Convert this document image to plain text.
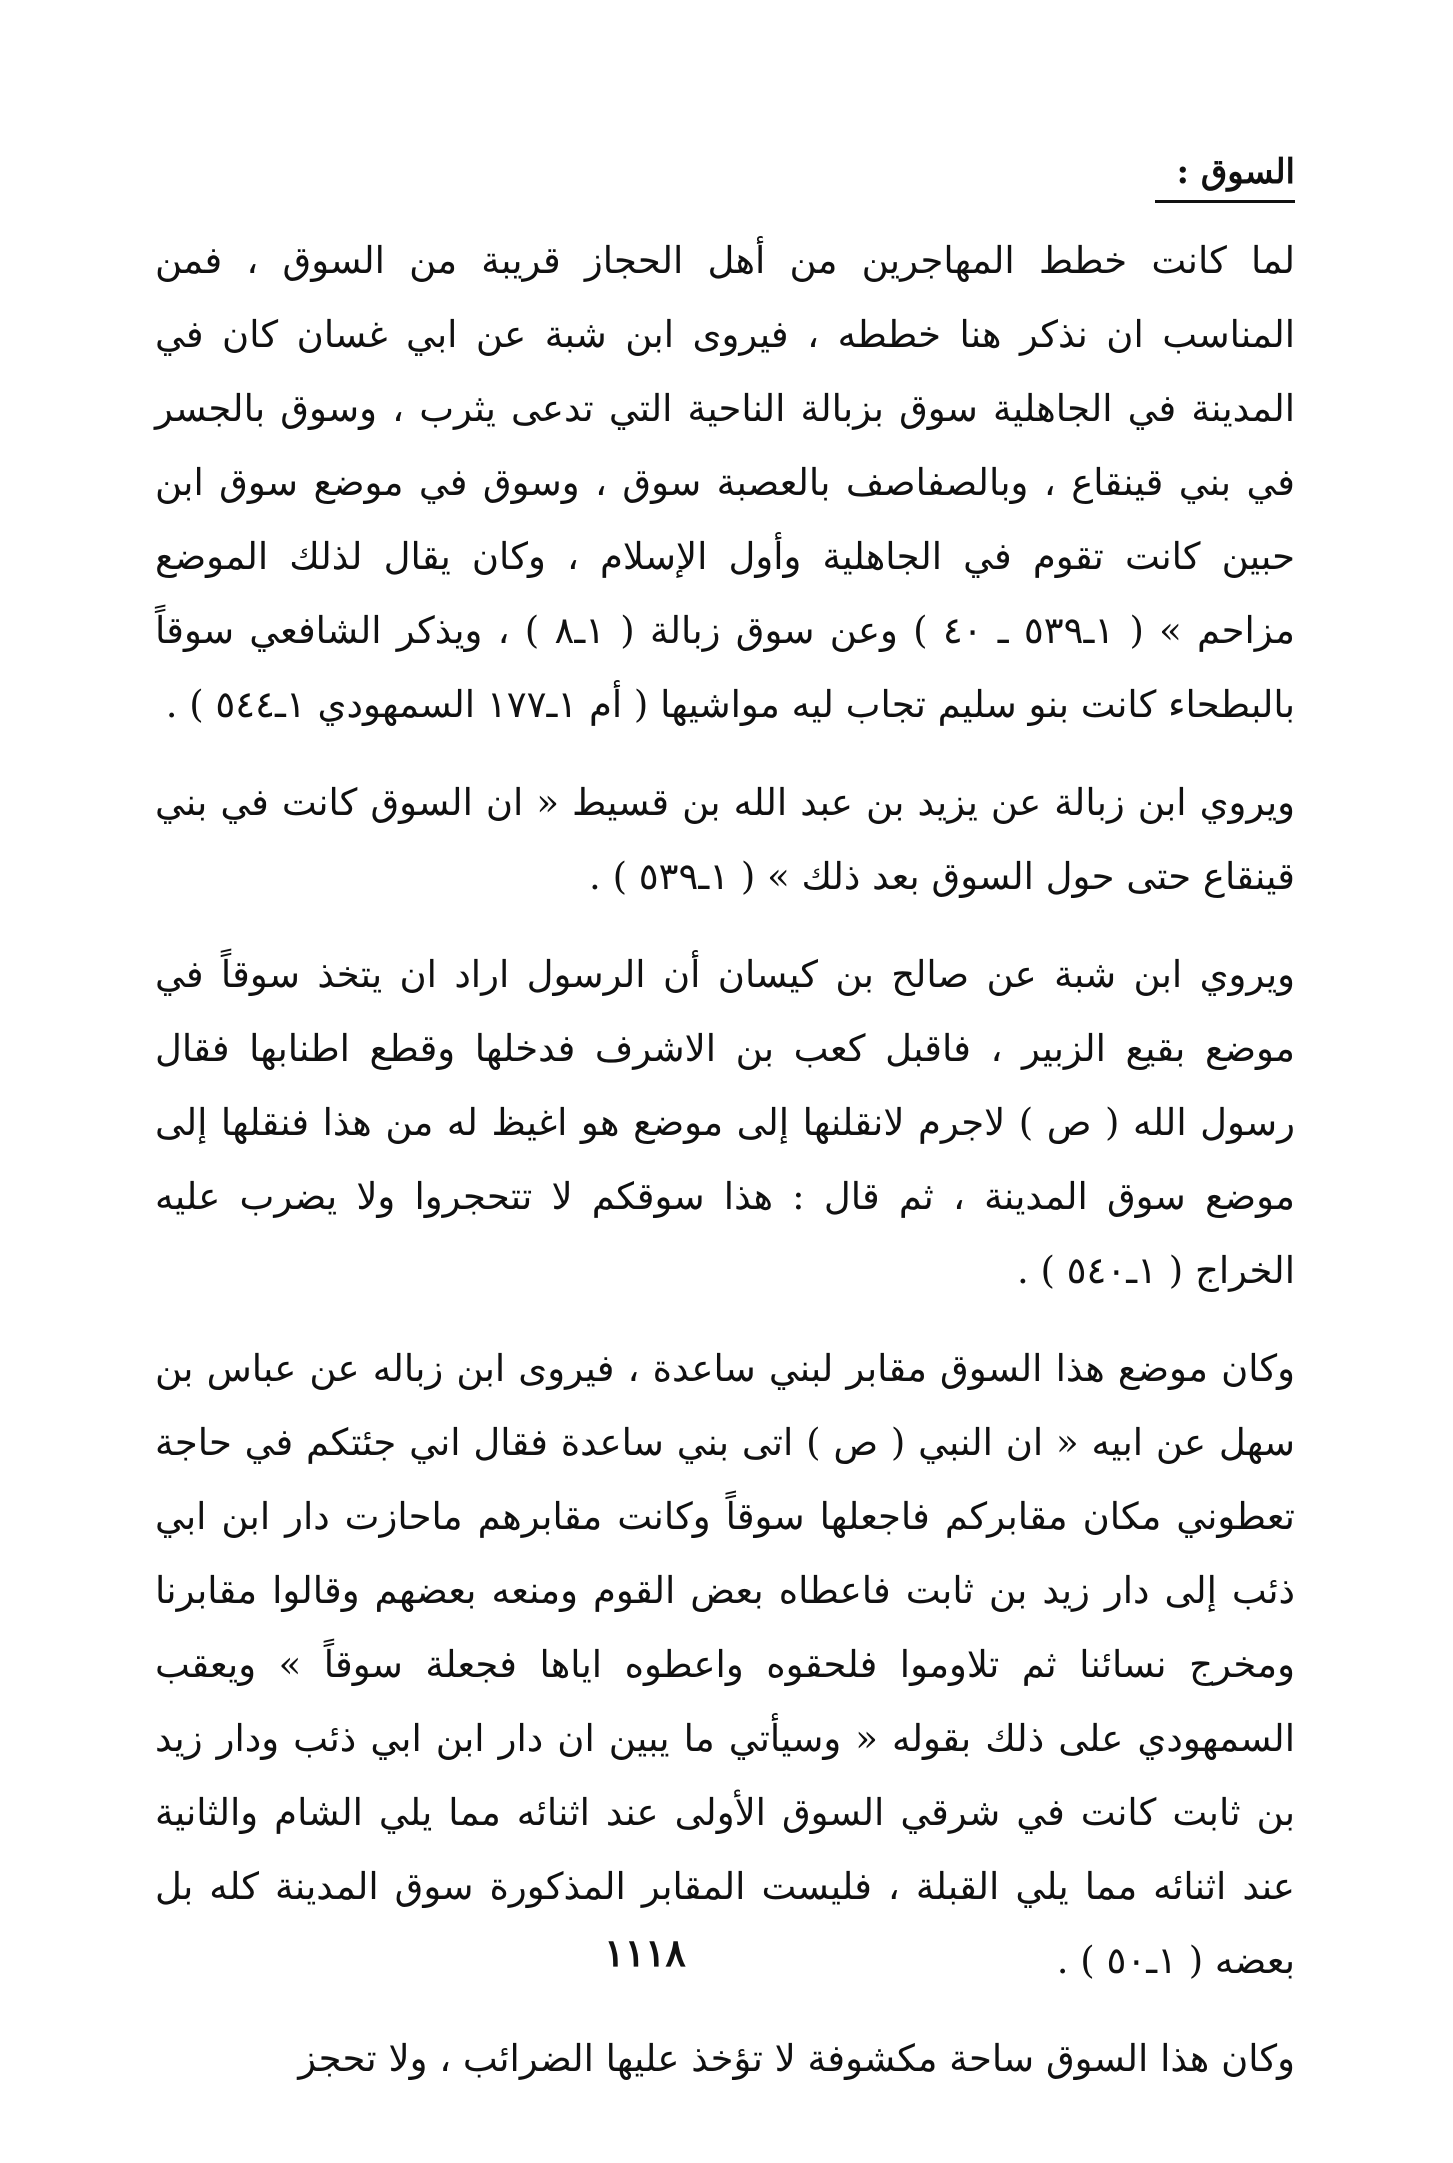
السوق :

لما كانت خطط المهاجرين من أهل الحجاز قريبة من السوق ، فمن المناسب ان نذكر هنا خططه ، فيروى ابن شبة عن ابي غسان كان في المدينة في الجاهلية سوق بزبالة الناحية التي تدعى يثرب ، وسوق بالجسر في بني قينقاع ، وبالصفاصف بالعصبة سوق ، وسوق في موضع سوق ابن حبين كانت تقوم في الجاهلية وأول الإسلام ، وكان يقال لذلك الموضع مزاحم » ( ١ـ٥٣٩ ـ ٤٠ ) وعن سوق زبالة ( ١ـ٨ ) ، ويذكر الشافعي سوقاً بالبطحاء كانت بنو سليم تجاب ليه مواشيها ( أم ١ـ١٧٧ السمهودي ١ـ٥٤٤ ) .

ويروي ابن زبالة عن يزيد بن عبد الله بن قسيط « ان السوق كانت في بني قينقاع حتى حول السوق بعد ذلك » ( ١ـ٥٣٩ ) .

ويروي ابن شبة عن صالح بن كيسان أن الرسول اراد ان يتخذ سوقاً في موضع بقيع الزبير ، فاقبل كعب بن الاشرف فدخلها وقطع اطنابها فقال رسول الله ( ص ) لاجرم لانقلنها إلى موضع هو اغيظ له من هذا فنقلها إلى موضع سوق المدينة ، ثم قال : هذا سوقكم لا تتحجروا ولا يضرب عليه الخراج ( ١ـ٥٤٠ ) .

وكان موضع هذا السوق مقابر لبني ساعدة ، فيروى ابن زباله عن عباس بن سهل عن ابيه « ان النبي ( ص ) اتى بني ساعدة فقال اني جئتكم في حاجة تعطوني مكان مقابركم فاجعلها سوقاً وكانت مقابرهم ماحازت دار ابن ابي ذئب إلى دار زيد بن ثابت فاعطاه بعض القوم ومنعه بعضهم وقالوا مقابرنا ومخرج نسائنا ثم تلاوموا فلحقوه واعطوه اياها فجعلة سوقاً » ويعقب السمهودي على ذلك بقوله « وسيأتي ما يبين ان دار ابن ابي ذئب ودار زيد بن ثابت كانت في شرقي السوق الأولى عند اثنائه مما يلي الشام والثانية عند اثنائه مما يلي القبلة ، فليست المقابر المذكورة سوق المدينة كله بل بعضه ( ١ـ٥٠ ) .

وكان هذا السوق ساحة مكشوفة لا تؤخذ عليها الضرائب ، ولا تحجز

١١١٨
